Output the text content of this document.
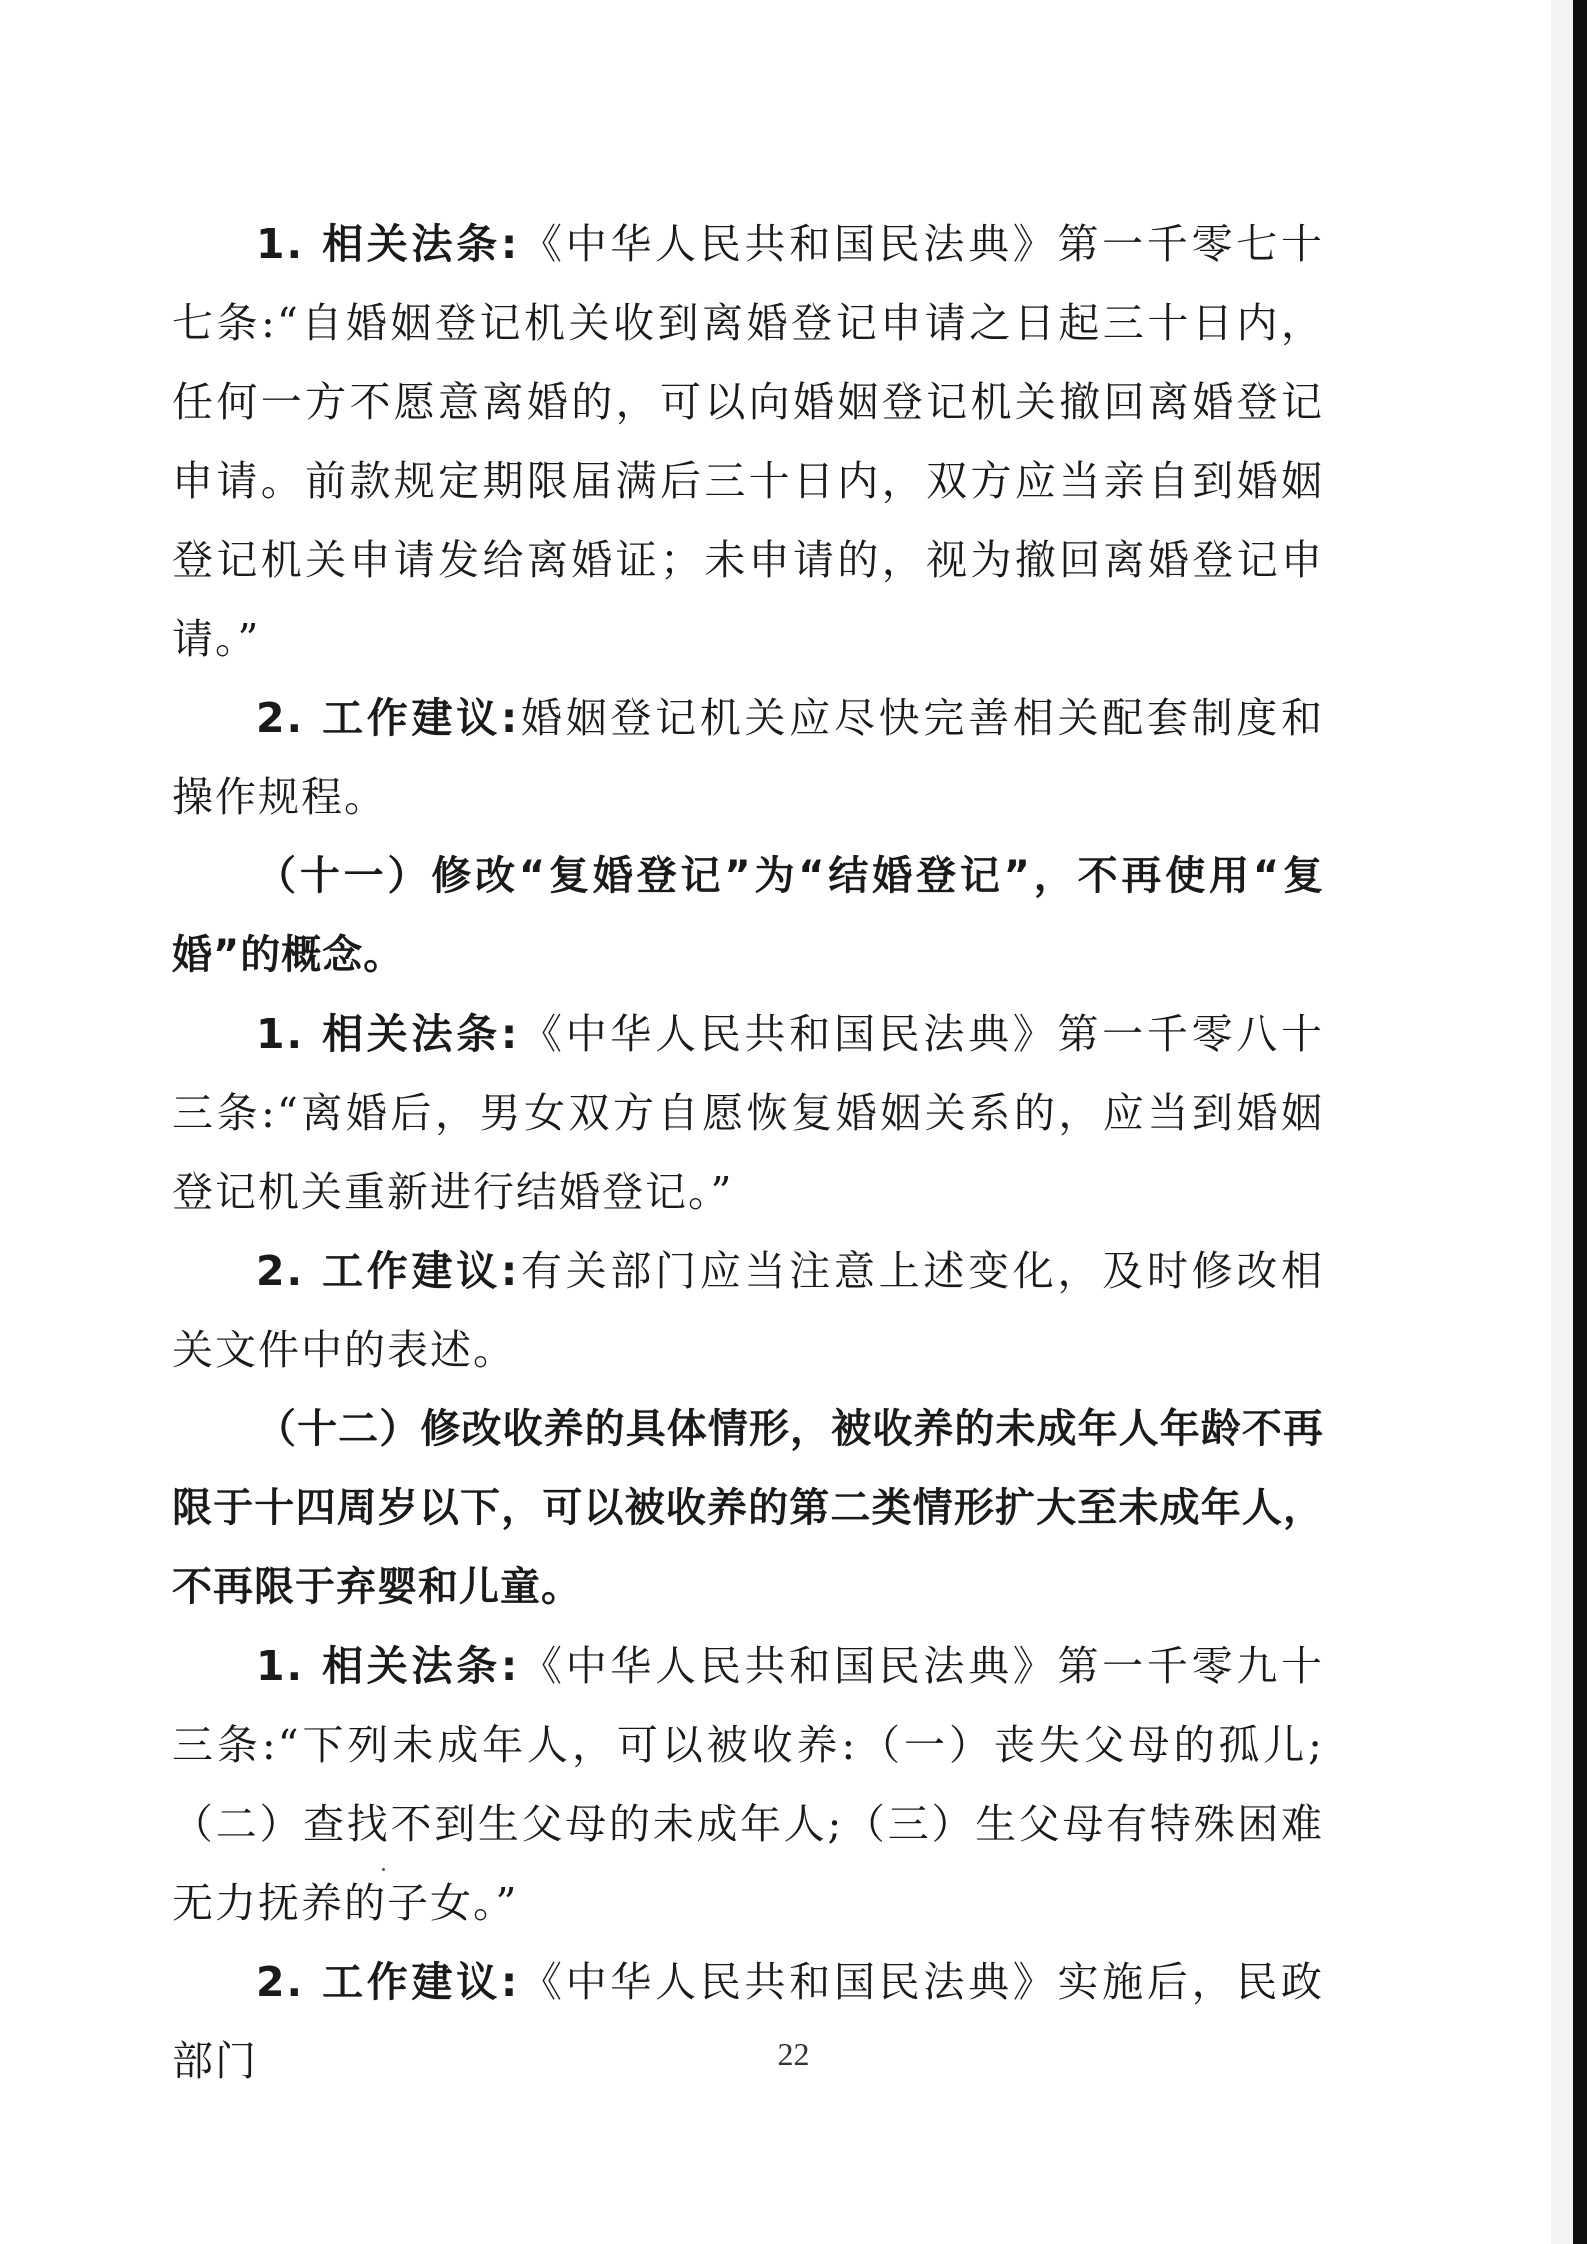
1. 相关法条:《中华人民共和国民法典》第一千零七十七条:“自婚姻登记机关收到离婚登记申请之日起三十日内，任何一方不愿意离婚的，可以向婚姻登记机关撤回离婚登记申请。前款规定期限届满后三十日内，双方应当亲自到婚姻登记机关申请发给离婚证；未申请的，视为撤回离婚登记申请。”

2. 工作建议:婚姻登记机关应尽快完善相关配套制度和操作规程。

（十一）修改“复婚登记”为“结婚登记”，不再使用“复婚”的概念。

1. 相关法条:《中华人民共和国民法典》第一千零八十三条:“离婚后，男女双方自愿恢复婚姻关系的，应当到婚姻登记机关重新进行结婚登记。”

2. 工作建议:有关部门应当注意上述变化，及时修改相关文件中的表述。

（十二）修改收养的具体情形，被收养的未成年人年龄不再限于十四周岁以下，可以被收养的第二类情形扩大至未成年人，不再限于弃婴和儿童。

1. 相关法条:《中华人民共和国民法典》第一千零九十三条:“下列未成年人，可以被收养:（一）丧失父母的孤儿;（二）查找不到生父母的未成年人;（三）生父母有特殊困难无力抚养的子女。”

2. 工作建议:《中华人民共和国民法典》实施后，民政部门	22
